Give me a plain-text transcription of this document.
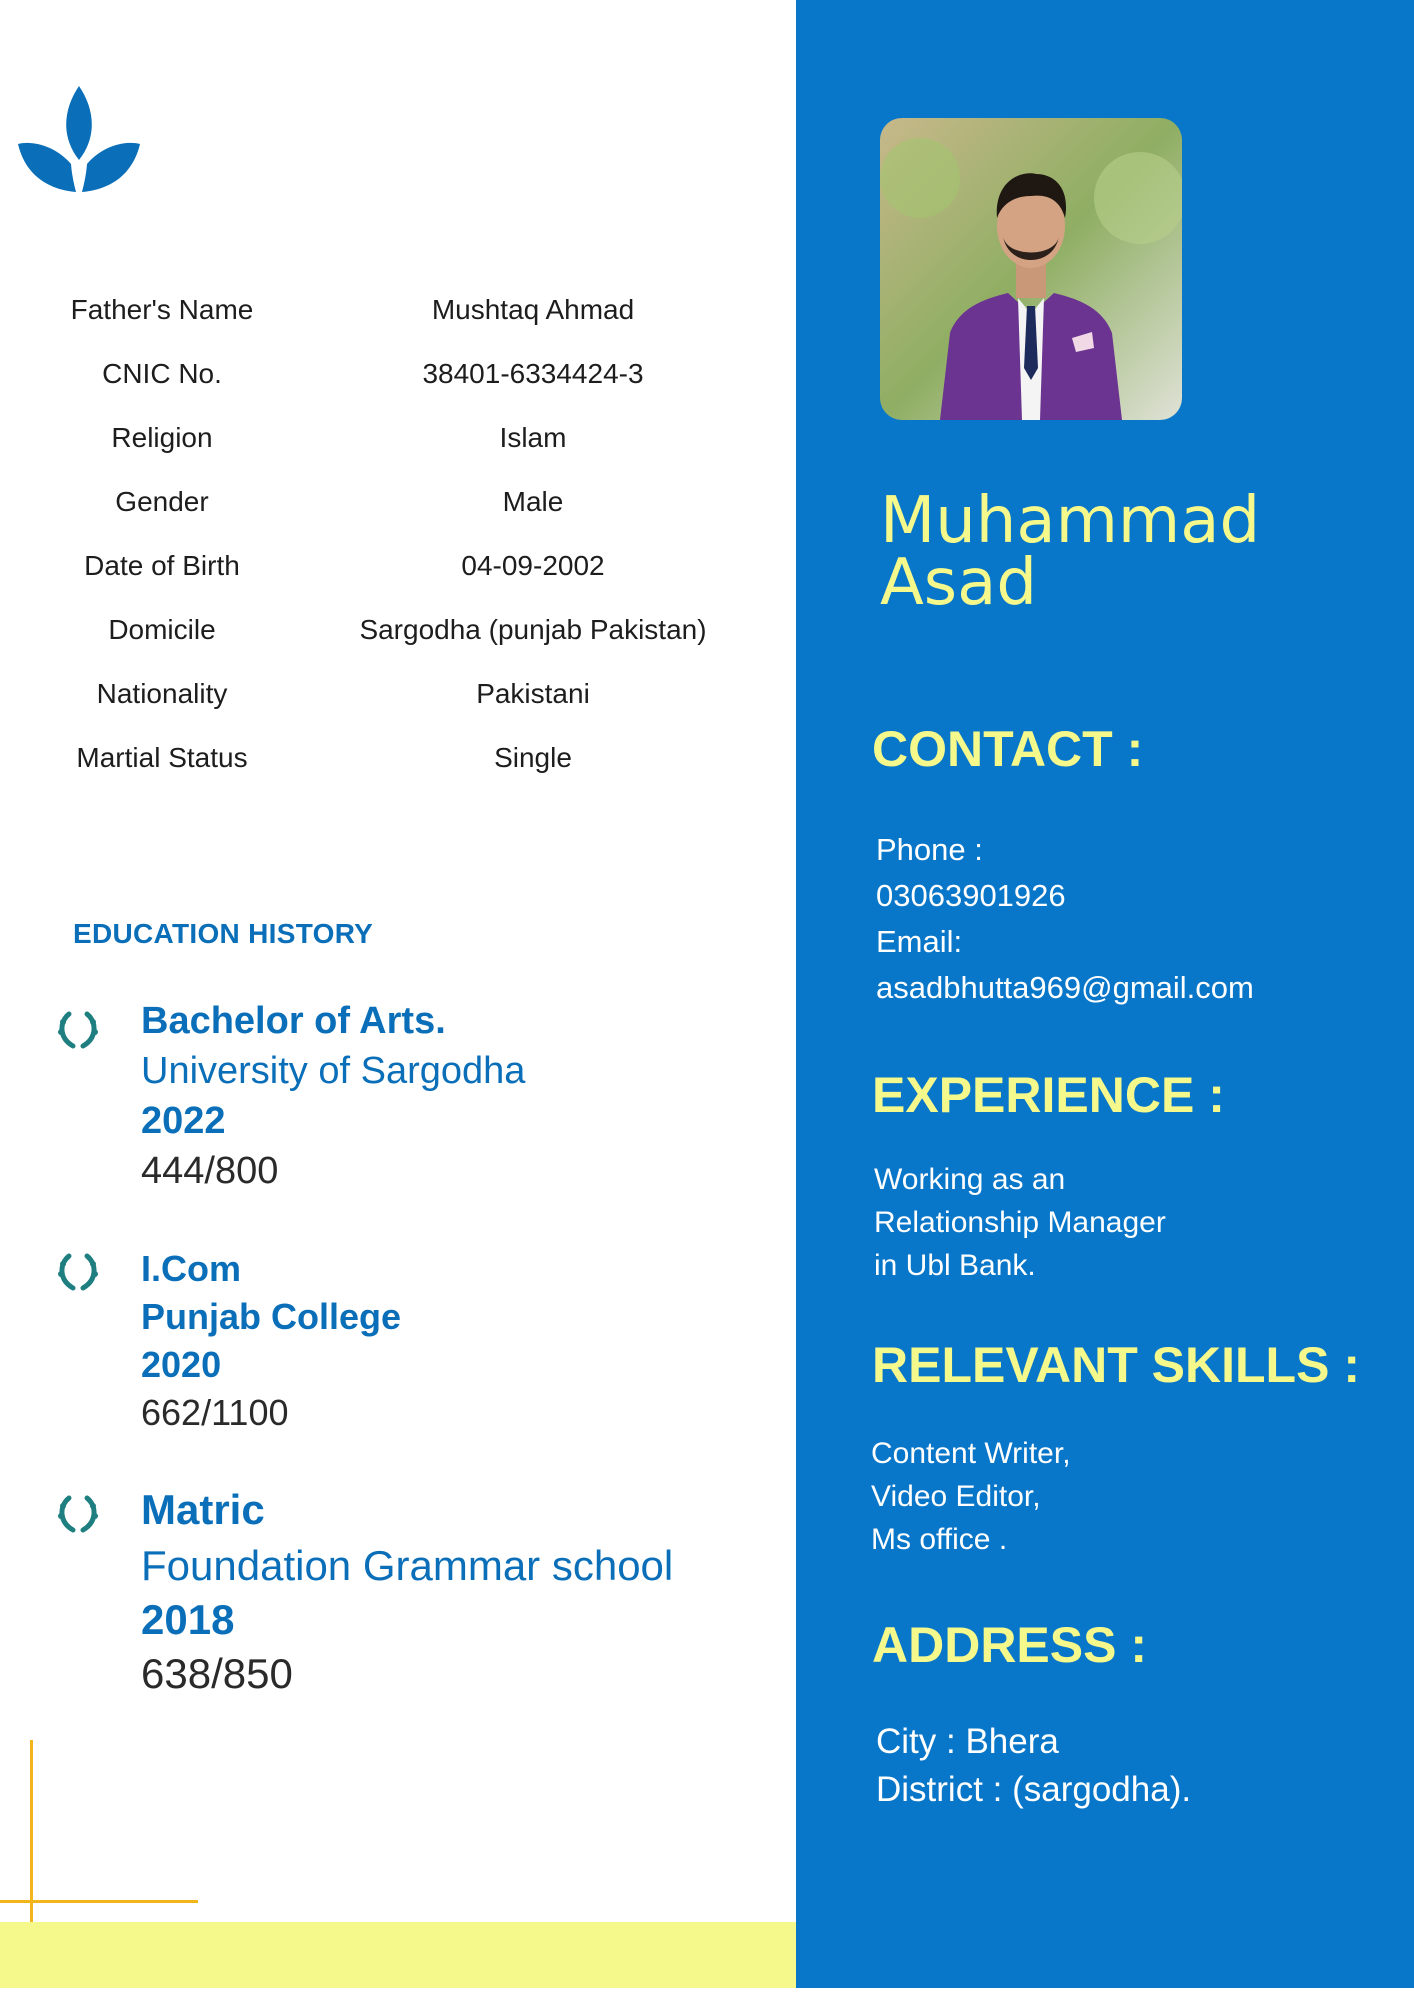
Father's Name	Mushtaq Ahmad
CNIC No.	38401-6334424-3
Religion	Islam
Gender	Male
Date of Birth	04-09-2002
Domicile	Sargodha (punjab Pakistan)
Nationality	Pakistani
Martial Status	Single
EDUCATION HISTORY
Bachelor of Arts.
University of Sargodha
2022
444/800
I.Com
Punjab College
2020
662/1100
Matric
Foundation Grammar school
2018
638/850
Muhammad
Asad
CONTACT :
Phone :
03063901926
Email:
asadbhutta969@gmail.com
EXPERIENCE :
Working as an
Relationship Manager
in Ubl Bank.
RELEVANT SKILLS :
Content Writer,
Video Editor,
Ms office .
ADDRESS :
City : Bhera
District : (sargodha).
